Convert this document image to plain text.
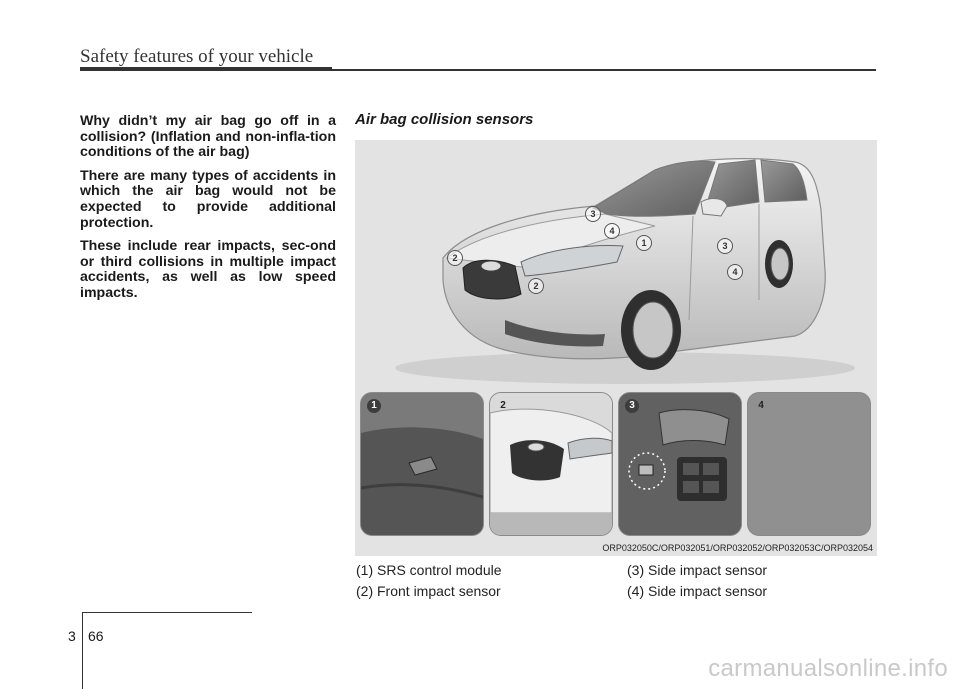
Safety features of your vehicle

Why didn’t my air bag go off in a collision? (Inflation and non-infla-tion conditions of the air bag)

There are many types of accidents in which the air bag would not be expected to provide additional protection.

These include rear impacts, sec-ond or third collisions in multiple impact accidents, as well as low speed impacts.

Air bag collision sensors
3
4
1	3
4
2
2
1	2	3	4
ORP032050C/ORP032051/ORP032052/ORP032053C/ORP032054
(1) SRS control module	(3) Side impact sensor
(2) Front impact sensor	(4) Side impact sensor
3 66
carmanualsonline.info
